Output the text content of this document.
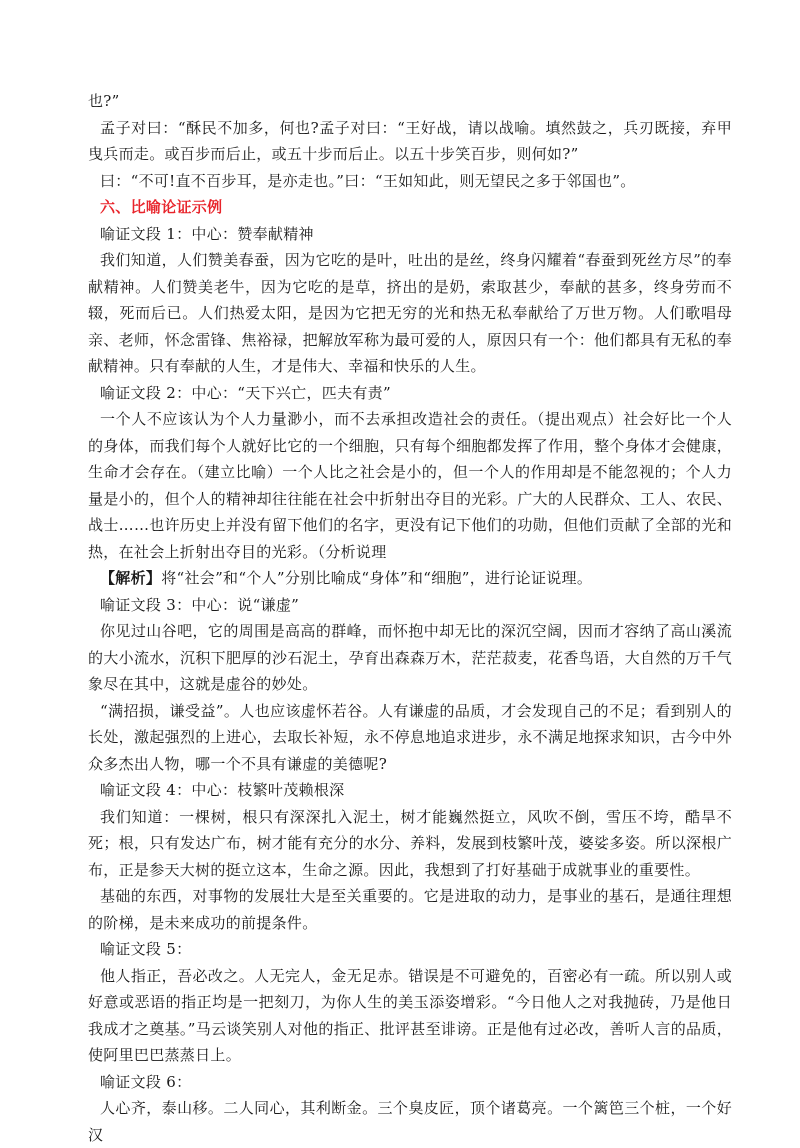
也?”

孟子对曰：“酥民不加多，何也?孟子对曰：“王好战，请以战喻。填然鼓之，兵刃既接，弃甲曳兵而走。或百步而后止，或五十步而后止。以五十步笑百步，则何如?”

曰：“不可!直不百步耳，是亦走也。”曰：“王如知此，则无望民之多于邻国也”。

六、比喻论证示例

喻证文段 1：中心：赞奉献精神

我们知道，人们赞美春蚕，因为它吃的是叶，吐出的是丝，终身闪耀着“春蚕到死丝方尽”的奉献精神。人们赞美老牛，因为它吃的是草，挤出的是奶，索取甚少，奉献的甚多，终身劳而不辍，死而后已。人们热爱太阳，是因为它把无穷的光和热无私奉献给了万世万物。人们歌唱母亲、老师，怀念雷锋、焦裕禄，把解放军称为最可爱的人，原因只有一个：他们都具有无私的奉献精神。只有奉献的人生，才是伟大、幸福和快乐的人生。

喻证文段 2：中心：“天下兴亡，匹夫有责”

一个人不应该认为个人力量渺小，而不去承担改造社会的责任。（提出观点）社会好比一个人的身体，而我们每个人就好比它的一个细胞，只有每个细胞都发挥了作用，整个身体才会健康，生命才会存在。（建立比喻）一个人比之社会是小的，但一个人的作用却是不能忽视的；个人力量是小的，但个人的精神却往往能在社会中折射出夺目的光彩。广大的人民群众、工人、农民、战士……也许历史上并没有留下他们的名字，更没有记下他们的功勋，但他们贡献了全部的光和热，在社会上折射出夺目的光彩。（分析说理

【解析】将“社会”和“个人”分别比喻成“身体”和“细胞”，进行论证说理。

喻证文段 3：中心：说“谦虚”

你见过山谷吧，它的周围是高高的群峰，而怀抱中却无比的深沉空阔，因而才容纳了高山溪流的大小流水，沉积下肥厚的沙石泥土，孕育出森森万木，茫茫菽麦，花香鸟语，大自然的万千气象尽在其中，这就是虚谷的妙处。

“满招损，谦受益”。人也应该虚怀若谷。人有谦虚的品质，才会发现自己的不足；看到别人的长处，激起强烈的上进心，去取长补短，永不停息地追求进步，永不满足地探求知识，古今中外众多杰出人物，哪一个不具有谦虚的美德呢?

喻证文段 4：中心：枝繁叶茂赖根深

我们知道：一棵树，根只有深深扎入泥土，树才能巍然挺立，风吹不倒，雪压不垮，酷旱不死；根，只有发达广布，树才能有充分的水分、养料，发展到枝繁叶茂，婆娑多姿。所以深根广布，正是参天大树的挺立这本，生命之源。因此，我想到了打好基础于成就事业的重要性。

基础的东西，对事物的发展壮大是至关重要的。它是进取的动力，是事业的基石，是通往理想的阶梯，是未来成功的前提条件。

喻证文段 5：

他人指正，吾必改之。人无完人，金无足赤。错误是不可避免的，百密必有一疏。所以别人或好意或恶语的指正均是一把刻刀，为你人生的美玉添姿增彩。“今日他人之对我抛砖，乃是他日我成才之奠基。”马云谈笑别人对他的指正、批评甚至诽谤。正是他有过必改，善听人言的品质，使阿里巴巴蒸蒸日上。

喻证文段 6：

人心齐，泰山移。二人同心，其利断金。三个臭皮匠，顶个诸葛亮。一个篱笆三个桩，一个好汉
